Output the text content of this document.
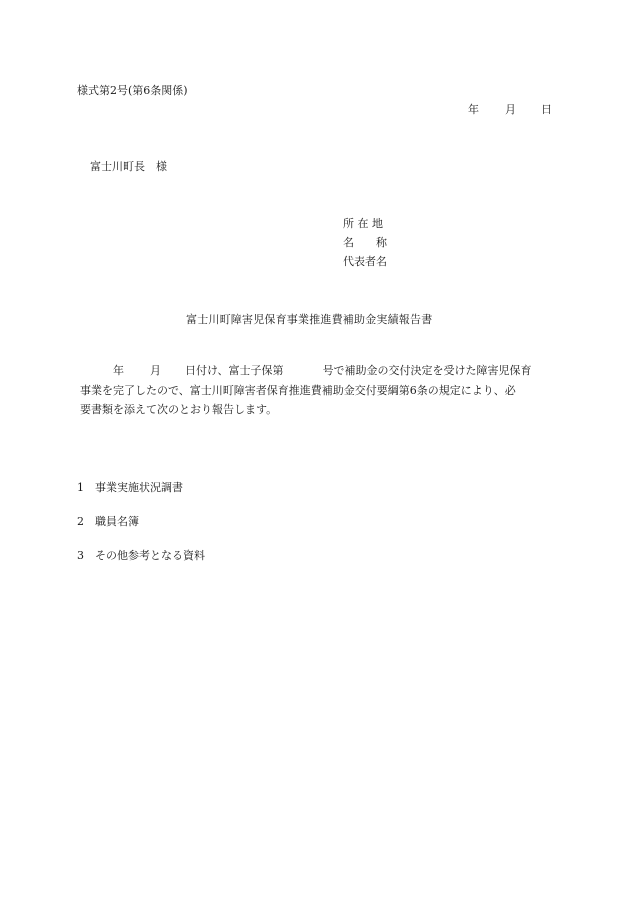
様式第2号(第6条関係)
年 月 日
富士川町長　様
所 在 地
名　　称
代表者名
富士川町障害児保育事業推進費補助金実績報告書
年 月 日付け、富士子保第	号で補助金の交付決定を受けた障害児保育
事業を完了したので、富士川町障害者保育推進費補助金交付要綱第6条の規定により、必
要書類を添えて次のとおり報告します。
1 事業実施状況調書
2 職員名簿
3 その他参考となる資料
